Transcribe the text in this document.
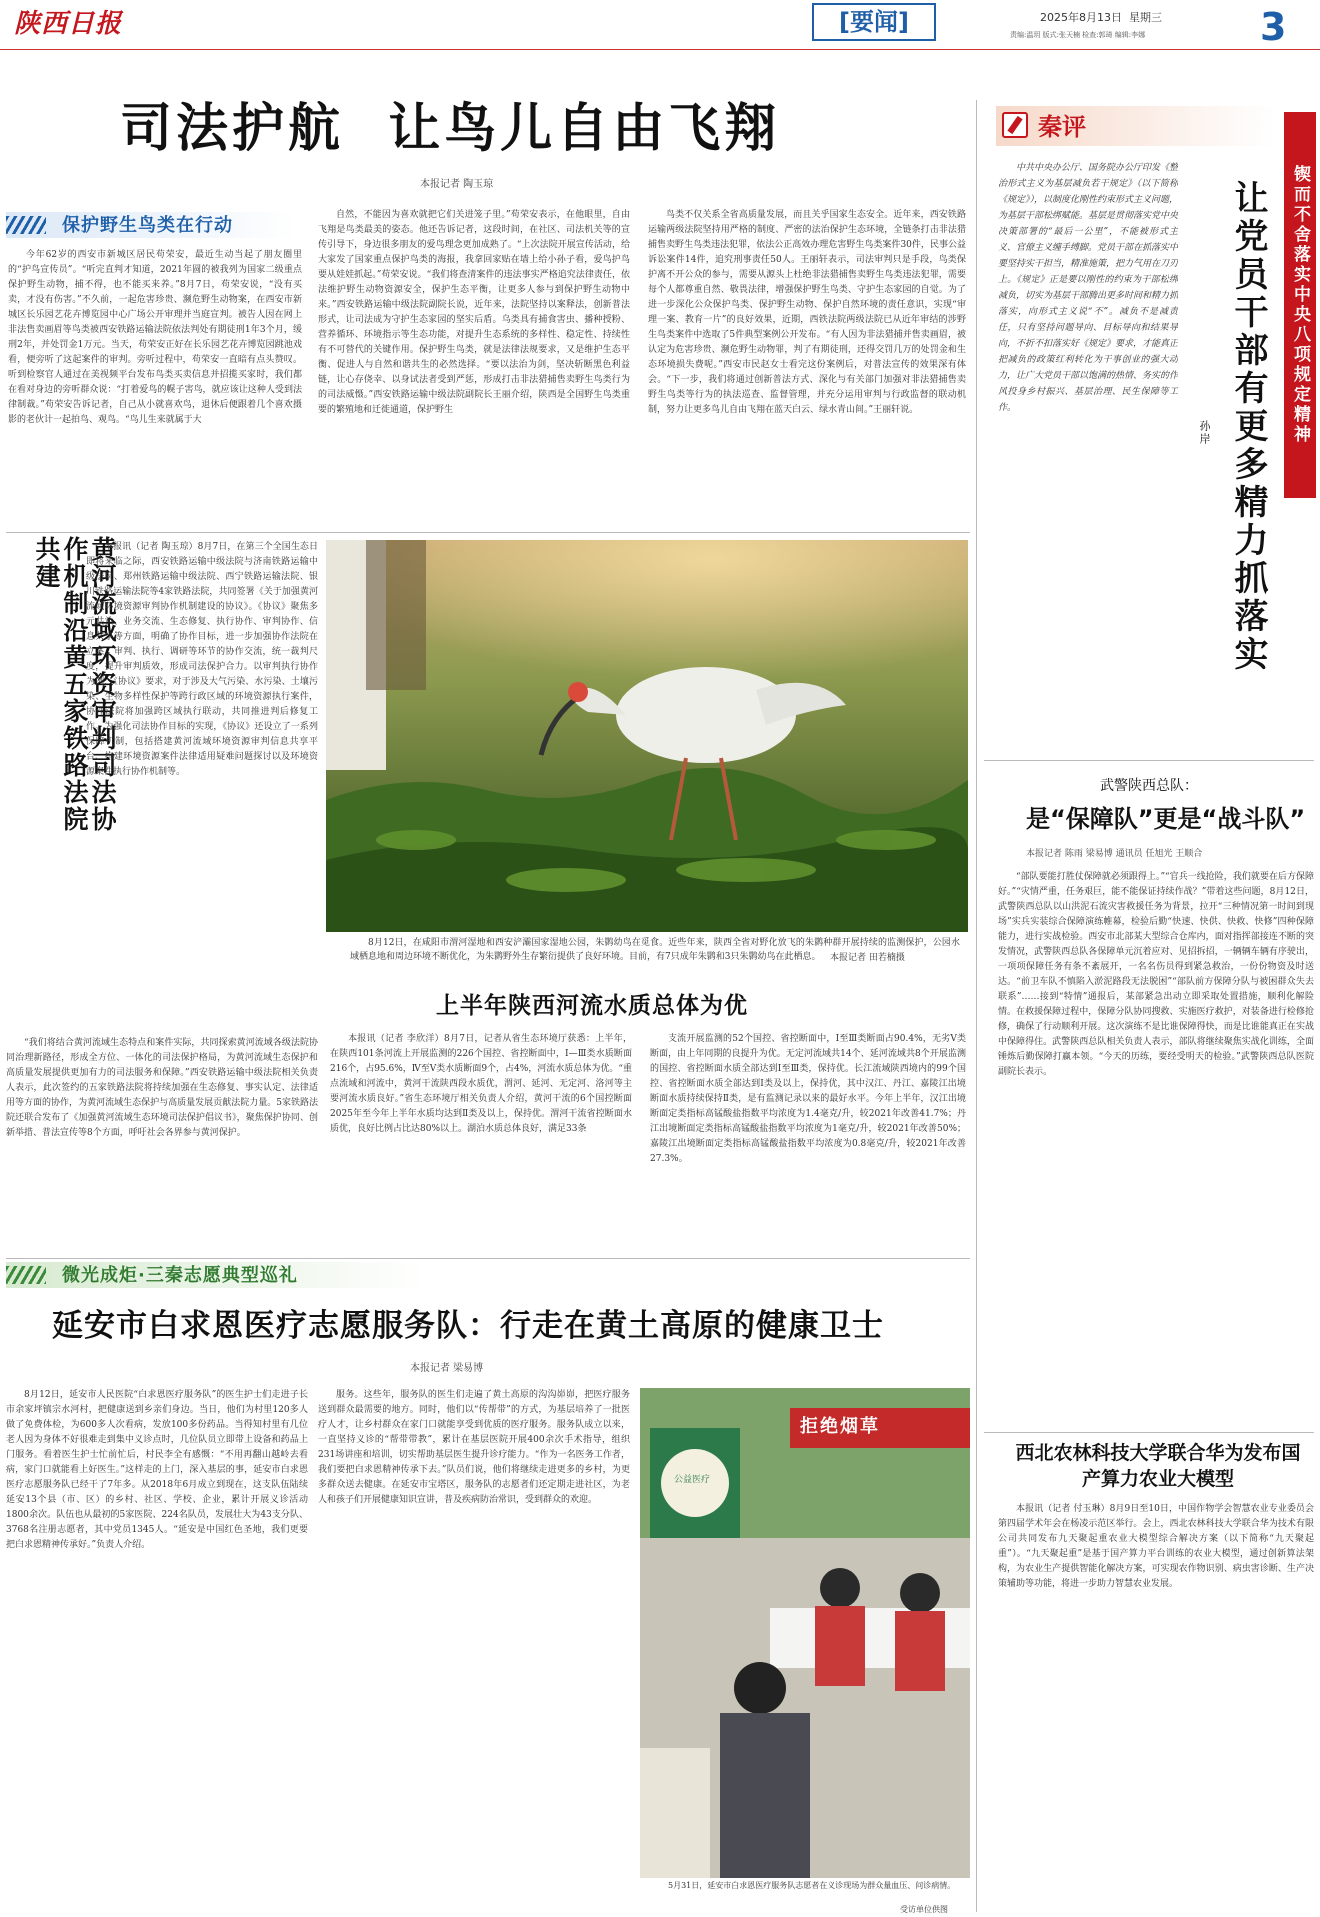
陕西日报	[要闻]	2025年8月13日 星期三
责编:温玥 版式:张天楠 检查:郭琦 编辑:李娜	3
司法护航  让鸟儿自由飞翔
本报记者 陶玉琼
保护野生鸟类在行动

今年62岁的西安市新城区居民苟荣安，最近生动当起了朋友圈里的“护鸟宣传员”。“听完直判才知道，2021年圆的被我列为国家二级重点保护野生动物，捕不得，也不能买来养。”8月7日，苟荣安说，“没有买卖，才没有伤害。”不久前，一起危害珍贵、濒危野生动物案，在西安市新城区长乐园艺花卉博览园中心广场公开审理并当庭宣判。被告人因在网上非法售卖画眉等鸟类被西安铁路运输法院依法判处有期徒刑1年3个月，缓刑2年，并处罚金1万元。当天，苟荣安正好在长乐园艺花卉博览园跳池戏看，便旁听了这起案件的审判。旁听过程中，苟荣安一直暗有点头赞叹。听到检察官人通过在美视频平台发布鸟类买卖信息并招揽买家时，我们都在看对身边的旁听群众说：“打着爱鸟的幌子害鸟，就应该让这种人受到法律制裁。”苟荣安告诉记者，自己从小就喜欢鸟，退休后便跟着几个喜欢摄影的老伙计一起拍鸟、观鸟。“鸟儿生来就属于大

自然，不能因为喜欢就把它们关进笼子里。”苟荣安表示，在他眼里，自由飞翔是鸟类最美的姿态。他还告诉记者，这段时间，在社区、司法机关等的宣传引导下，身边很多朋友的爱鸟理念更加成熟了。“上次法院开展宣传活动，给大家发了国家重点保护鸟类的海报，我拿回家贴在墙上给小孙子看，爱鸟护鸟要从娃娃抓起。”苟荣安说。“我们将查清案件的违法事实严格追究法律责任，依法维护野生动物资源安全，保护生态平衡，让更多人参与到保护野生动物中来。”西安铁路运输中级法院副院长说，近年来，法院坚持以案释法，创新普法形式，让司法成为守护生态家园的坚实后盾。乌类具有捕食害虫、播种授粉、营养循环、环境指示等生态功能，对提升生态系统的多样性、稳定性、持续性有不可替代的关键作用。保护野生鸟类，就是法律法规要求，又是维护生态平衡、促进人与自然和谐共生的必然选择。“要以法治为剑，坚决斩断黑色利益链，让心存侥幸、以身试法者受到严惩，形成打击非法猎捕售卖野生鸟类行为的司法威慑。”西安铁路运输中级法院副院长王丽介绍，陕西是全国野生鸟类重要的繁殖地和迁徙通道，保护野生

鸟类不仅关系全省高质量发展，而且关乎国家生态安全。近年来，西安铁路运输两级法院坚持用严格的制度、严密的法治保护生态环境，全链条打击非法猎捕售卖野生鸟类违法犯罪，依法公正高效办理危害野生鸟类案件30件，民事公益诉讼案件14件，追究刑事责任50人。王丽轩表示，司法审判只是手段，鸟类保护离不开公众的参与，需要从源头上杜绝非法猎捕售卖野生鸟类违法犯罪，需要每个人都尊重自然、敬畏法律，增强保护野生鸟类、守护生态家园的自觉。为了进一步深化公众保护鸟类、保护野生动物、保护自然环境的责任意识，实现“审理一案、教育一片”的良好效果，近期，西铁法院两级法院已从近年审结的涉野生鸟类案件中选取了5件典型案例公开发布。“有人因为非法猎捕并售卖画眉，被认定为危害珍贵、濒危野生动物罪，判了有期徒刑，还得交罚几万的处罚金和生态环境损失费呢。”西安市民赵女士看完这份案例后，对普法宣传的效果深有体会。“下一步，我们将通过创新普法方式、深化与有关部门加强对非法猎捕售卖野生鸟类等行为的执法巡查、监督管理，并充分运用审判与行政监督的联动机制，努力让更多鸟儿自由飞翔在蓝天白云、绿水青山间。”王丽轩说。

黄河流域环资审判司法协作机制沿黄五家铁路法院共建	本报讯（记者 陶玉琼）8月7日，在第三个全国生态日即将来临之际，西安铁路运输中级法院与济南铁路运输中级法院、郑州铁路运输中级法院、西宁铁路运输法院、银川铁路运输法院等4家铁路法院，共同签署《关于加强黄河流域环境资源审判协作机制建设的协议》。《协议》聚焦多元共治、业务交流、生态修复、执行协作、审判协作、信息共享等方面，明确了协作目标，进一步加强协作法院在立案、审判、执行、调研等环节的协作交流，统一裁判尺度，提升审判质效，形成司法保护合力。以审判执行协作为例，《协议》要求，对于涉及大气污染、水污染、土壤污染、生物多样性保护等跨行政区域的环境资源执行案件，协作法院将加强跨区域执行联动，共同推进判后修复工作。为强化司法协作目标的实现，《协议》还设立了一系列保障机制，包括搭建黄河流域环境资源审判信息共享平台、构建环境资源案件法律适用疑难问题探讨以及环境资源案件执行协作机制等。

“我们将结合黄河流域生态特点和案件实际，共同探索黄河流域各级法院协同治理新路径，形成全方位、一体化的司法保护格局，为黄河流域生态保护和高质量发展提供更加有力的司法服务和保障。”西安铁路运输中级法院相关负责人表示，此次签约的五家铁路法院将持续加强在生态修复、事实认定、法律适用等方面的协作，为黄河流域生态保护与高质量发展贡献法院力量。5家铁路法院还联合发布了《加强黄河流域生态环境司法保护倡议书》，聚焦保护协同、创新举措、普法宣传等8个方面，呼吁社会各界参与黄河保护。

8月12日，在咸阳市渭河湿地和西安浐灞国家湿地公园，朱鹮幼鸟在觅食。近些年来，陕西全省对野化放飞的朱鹮种群开展持续的监测保护，公园水域栖息地和周边环境不断优化，为朱鹮野外生存繁衍提供了良好环境。目前，有7只成年朱鹮和3只朱鹮幼鸟在此栖息。	本报记者 田若楠摄
上半年陕西河流水质总体为优

本报讯（记者 李欣洋）8月7日，记者从省生态环境厅获悉：上半年，在陕西101条河流上开展监测的226个国控、省控断面中，Ⅰ—Ⅲ类水质断面216个，占95.6%，Ⅳ至Ⅴ类水质断面9个，占4%，河流水质总体为优。“重点流域和河流中，黄河干流陕西段水质优，渭河、延河、无定河、洛河等主要河流水质良好。”省生态环境厅相关负责人介绍，黄河干流的6个国控断面2025年至今年上半年水质均达到Ⅱ类及以上，保持优。渭河干流省控断面水质优，良好比例占比达80%以上。湖泊水质总体良好，满足33条

支流开展监测的52个国控、省控断面中，Ⅰ至Ⅲ类断面占90.4%，无劣Ⅴ类断面，由上年同期的良提升为优。无定河流域共14个、延河流域共8个开展监测的国控、省控断面水质全部达到Ⅰ至Ⅲ类，保持优。长江流域陕西境内的99个国控、省控断面水质全部达到Ⅰ类及以上，保持优，其中汉江、丹江、嘉陵江出境断面水质持续保持Ⅱ类，是有监测记录以来的最好水平。今年上半年，汉江出境断面定类指标高锰酸盐指数平均浓度为1.4毫克/升，较2021年改善41.7%；丹江出境断面定类指标高锰酸盐指数平均浓度为1毫克/升，较2021年改善50%；嘉陵江出境断面定类指标高锰酸盐指数平均浓度为0.8毫克/升，较2021年改善27.3%。

秦评
锲而不舍落实中央八项规定精神
让党员干部有更多精力抓落实
孙岸

中共中央办公厅、国务院办公厅印发《整治形式主义为基层减负若干规定》（以下简称《规定》），以制度化刚性约束形式主义问题，为基层干部松绑赋能。基层是贯彻落实党中央决策部署的“最后一公里”，不能被形式主义、官僚主义缠手缚脚。党员干部在抓落实中要坚持实干担当，精准施策，把力气用在刀刃上。《规定》正是要以刚性的约束为干部松绑减负，切实为基层干部腾出更多时间和精力抓落实，向形式主义说“不”。减负不是减责任，只有坚持问题导向、目标导向和结果导向，不折不扣落实好《规定》要求，才能真正把减负的政策红利转化为干事创业的强大动力，让广大党员干部以饱满的热情、务实的作风投身乡村振兴、基层治理、民生保障等工作。

武警陕西总队：
是“保障队”更是“战斗队”
本报记者 陈雨 梁易博 通讯员 任旭光 王顺合

“部队要能打胜仗保障就必须跟得上。”“官兵一线抢险，我们就要在后方保障好。”“灾情严重，任务艰巨，能不能保证持续作战？”带着这些问题，8月12日，武警陕西总队以山洪泥石流灾害救援任务为背景，拉开“三种情况第一时间到现场”实兵实装综合保障演练帷幕，检验后勤“快速、快供、快救、快修”四种保障能力，进行实战检验。西安市北部某大型综合仓库内，面对指挥部接连不断的突发情况，武警陕西总队各保障单元沉着应对、见招拆招，一辆辆车辆有序驶出，一项项保障任务有条不紊展开，一名名伤员得到紧急救治，一份份物资及时送达。“前卫车队不慎陷入淤泥路段无法脱困”“部队前方保障分队与被困群众失去联系”……接到“特情”通报后，某部紧急出动立即采取处置措施，顺利化解险情。在救援保障过程中，保障分队协同搜救、实施医疗救护，对装备进行检修抢修，确保了行动顺利开展。这次演练不是比谁保障得快，而是比谁能真正在实战中保障得住。武警陕西总队相关负责人表示，部队将继续聚焦实战化训练，全面锤炼后勤保障打赢本领。“今天的历练，要经受明天的检验。”武警陕西总队医院副院长表示。

西北农林科技大学联合华为发布国产算力农业大模型

本报讯（记者 付玉琳）8月9日至10日，中国作物学会智慧农业专业委员会第四届学术年会在杨凌示范区举行。会上，西北农林科技大学联合华为技术有限公司共同发布九天聚起重农业大模型综合解决方案（以下简称“九天聚起重”）。“九天聚起重”是基于国产算力平台训练的农业大模型，通过创新算法架构，为农业生产提供智能化解决方案，可实现农作物识别、病虫害诊断、生产决策辅助等功能，将进一步助力智慧农业发展。

微光成炬·三秦志愿典型巡礼
延安市白求恩医疗志愿服务队：行走在黄土高原的健康卫士
本报记者 梁易博

8月12日，延安市人民医院“白求恩医疗服务队”的医生护士们走进子长市余家坪镇宗水河村，把健康送到乡亲们身边。当日，他们为村里120多人做了免费体检，为600多人次看病，发放100多份药品。当得知村里有几位老人因为身体不好很难走到集中义诊点时，几位队员立即带上设备和药品上门服务。看着医生护士忙前忙后，村民李全有感慨：“不用再翻山越岭去看病，家门口就能看上好医生。”这样走的上门，深入基层的事，延安市白求恩医疗志愿服务队已经干了7年多。从2018年6月成立到现在，这支队伍陆续延安13个县（市、区）的乡村、社区、学校、企业，累计开展义诊活动1800余次。队伍也从最初的5家医院、224名队员，发展壮大为43支分队、3768名注册志愿者，其中党员1345人。“延安是中国红色圣地，我们更要把白求恩精神传承好。”负责人介绍。

服务。这些年，服务队的医生们走遍了黄土高原的沟沟峁峁，把医疗服务送到群众最需要的地方。同时，他们以“传帮带”的方式，为基层培养了一批医疗人才，让乡村群众在家门口就能享受到优质的医疗服务。服务队成立以来，一直坚持义诊的“帮带带教”，累计在基层医院开展400余次手术指导，组织231场讲座和培训，切实帮助基层医生提升诊疗能力。“作为一名医务工作者，我们要把白求恩精神传承下去。”队员们说，他们将继续走进更多的乡村，为更多群众送去健康。在延安市宝塔区，服务队的志愿者们还定期走进社区，为老人和孩子们开展健康知识宣讲，普及疾病防治常识，受到群众的欢迎。

拒绝烟草
公益医疗
5月31日，延安市白求恩医疗服务队志愿者在义诊现场为群众量血压、问诊病情。
受访单位供图
